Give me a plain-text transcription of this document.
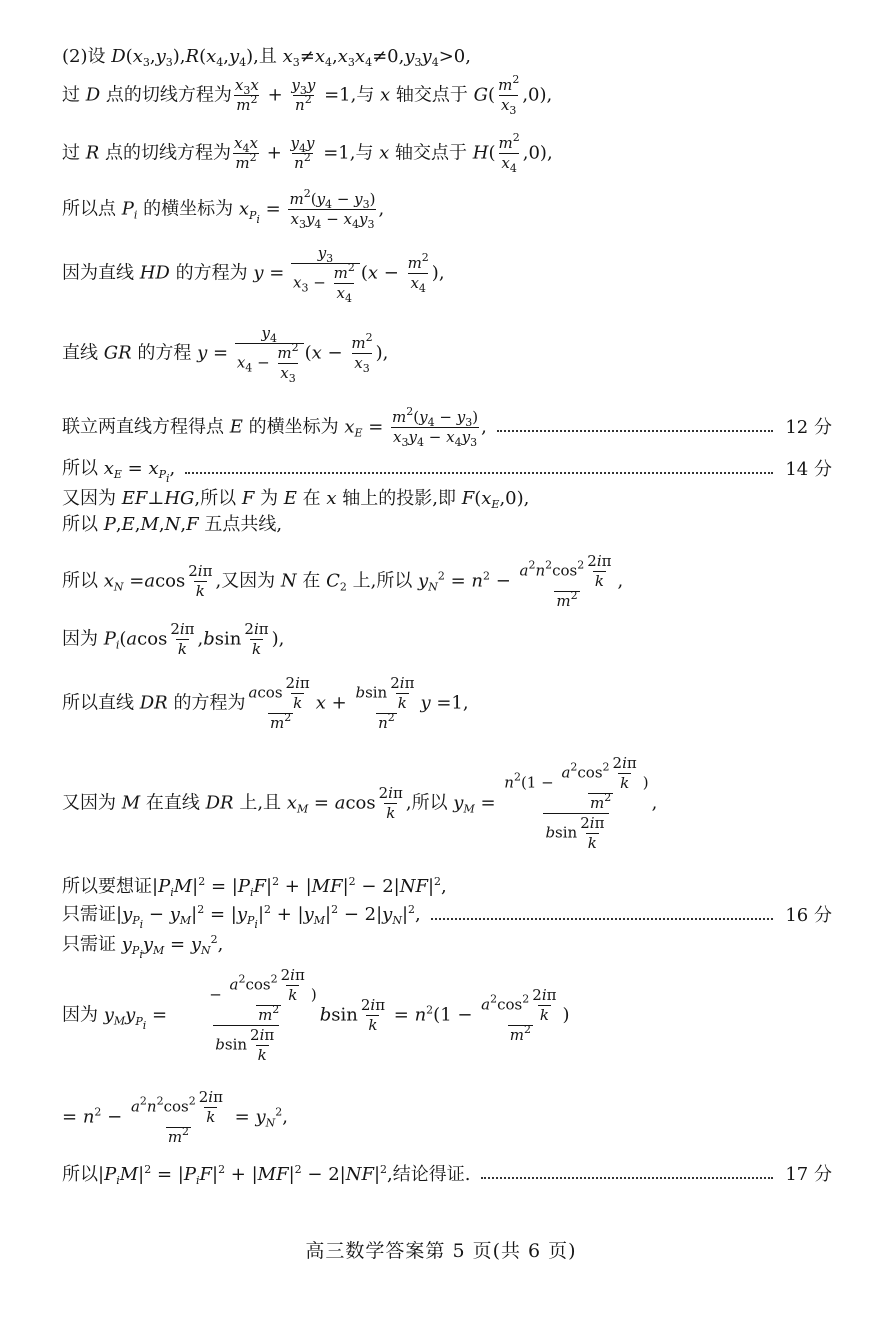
(2)设 $D(x_3,y_3),R(x_4,y_4)$,且 $x_3\ne x_4,x_3x_4\ne 0,y_3y_4>0$,
过 D 点的切线方程为 $\frac{x_3x}{m^2} + \frac{y_3y}{n^2} =1$,与 x 轴交点于 $G( \frac{m^2}{x_3} ,0)$,
过 R 点的切线方程为 $\frac{x_4x}{m^2} + \frac{y_4y}{n^2} =1$,与 x 轴交点于 $H( \frac{m^2}{x_4} ,0)$,
所以点 $P_i$ 的横坐标为 $x_{P_i} = \frac{m^2(y_4 - y_3)}{x_3y_4 - x_4y_3}$ ,
因为直线 HD 的方程为 $y = \frac{y_3}{x_3 - \frac{m^2}{x_4}} (x - \frac{m^2}{x_4}$ ),
直线 GR 的方程 $y = \frac{y_4}{x_4 - \frac{m^2}{x_3}} (x - \frac{m^2}{x_3}$ ),
联立两直线方程得点 E 的横坐标为 $x_E = \frac{m^2(y_4 - y_3)}{x_3y_4 - x_4y_3}$ ,	12 分
所以 $x_E = x_{P_i}$,	14 分
又因为 EF⊥HG,所以 F 为 E 在 x 轴上的投影,即 $F(x_E,0)$,
所以 P,E,M,N,F 五点共线,
所以 $x_N =acos \frac{2i\pi}{k}$ ,又因为 N 在 $C_2$ 上,所以 $y_N^2 = n^2 - a^2n^2\cos^2 \frac{2i\pi}{k}$
$m^2$
,
因为 $P_i(acos \frac{2i\pi}{k} ,bsin \frac{2i\pi}{k}$ ),
所以直线 DR 的方程为 acos $\frac{2i\pi}{k}$
$m^2$
x + bsin $\frac{2i\pi}{k}$
$n^2$
y =1,
又因为 M 在直线 DR 上,且 $x_M = acos \frac{2i\pi}{k}$ ,所以 $y_M$ =
$n^2(1$ −
$a^2\cos^2 \frac{2i\pi}{k}$
$m^2$
)
bsin $\frac{2i\pi}{k}$
,
所以要想证$|P_iM|^2 = |P_iF|^2 + |MF|^2 - 2|NF|^2$,
只需证$|y_{P_i} - y_M|^2 = |y_{P_i}|^2 + |y_M|^2 - 2|y_N|^2$,	16 分
只需证 $y_{P_i}y_M = y_N^2$,
因为 $y_My_{P_i}$ =
−
$a^2\cos^2 \frac{2i\pi}{k}$
$m^2$
)
bsin $\frac{2i\pi}{k}$
bsin $\frac{2i\pi}{k} = n^2(1 - a^2\cos^2 \frac{2i\pi}{k}$
$m^2$
)
= $n^2 - a^2n^2\cos^2 \frac{2i\pi}{k}$
$m^2$
= $y_N^2$,
所以$|P_iM|^2 = |P_iF|^2 + |MF|^2 - 2|NF|^2$,结论得证.	17 分
高三数学答案第 5 页(共 6 页)
